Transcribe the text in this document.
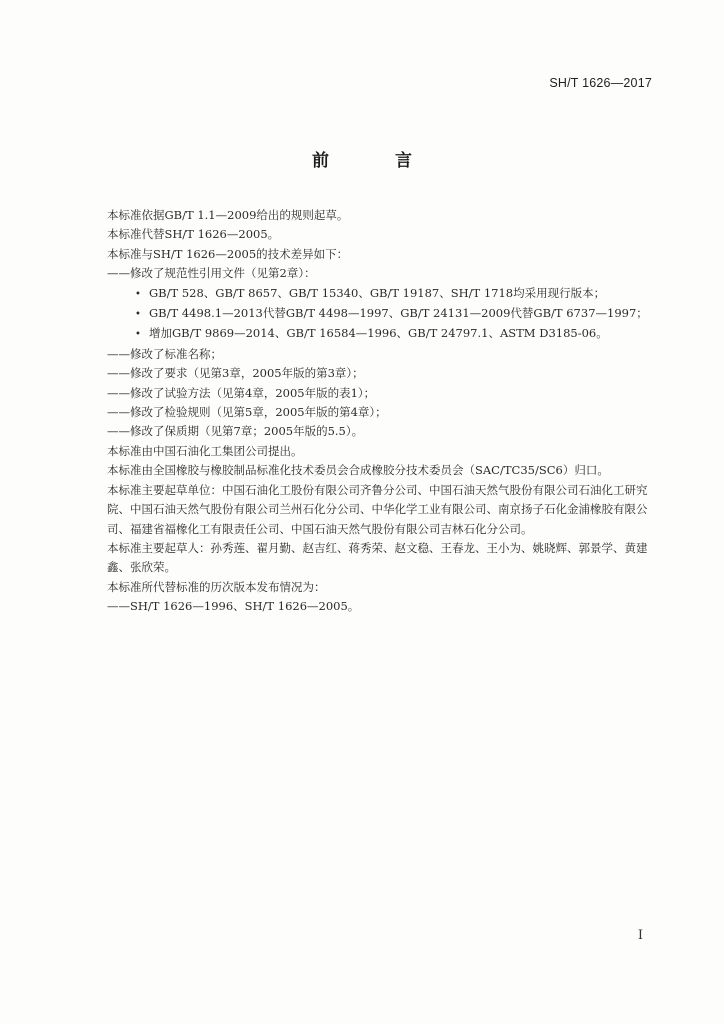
SH/T 1626—2017
前 言
本标准依据GB/T 1.1—2009给出的规则起草。
本标准代替SH/T 1626—2005。
本标准与SH/T 1626—2005的技术差异如下：
——修改了规范性引用文件（见第2章）：
• GB/T 528、GB/T 8657、GB/T 15340、GB/T 19187、SH/T 1718均采用现行版本；
• GB/T 4498.1—2013代替GB/T 4498—1997、GB/T 24131—2009代替GB/T 6737—1997；
• 增加GB/T 9869—2014、GB/T 16584—1996、GB/T 24797.1、ASTM D3185-06。
——修改了标准名称；
——修改了要求（见第3章，2005年版的第3章）；
——修改了试验方法（见第4章，2005年版的表1）；
——修改了检验规则（见第5章，2005年版的第4章）；
——修改了保质期（见第7章；2005年版的5.5）。
本标准由中国石油化工集团公司提出。
本标准由全国橡胶与橡胶制品标准化技术委员会合成橡胶分技术委员会（SAC/TC35/SC6）归口。
本标准主要起草单位：中国石油化工股份有限公司齐鲁分公司、中国石油天然气股份有限公司石油化工研究院、中国石油天然气股份有限公司兰州石化分公司、中华化学工业有限公司、南京扬子石化金浦橡胶有限公司、福建省福橡化工有限责任公司、中国石油天然气股份有限公司吉林石化分公司。
本标准主要起草人：孙秀莲、翟月勤、赵吉红、蒋秀荣、赵文稳、王春龙、王小为、姚晓辉、郭景学、黄建鑫、张欣荣。
本标准所代替标准的历次版本发布情况为：
——SH/T 1626—1996、SH/T 1626—2005。
I
